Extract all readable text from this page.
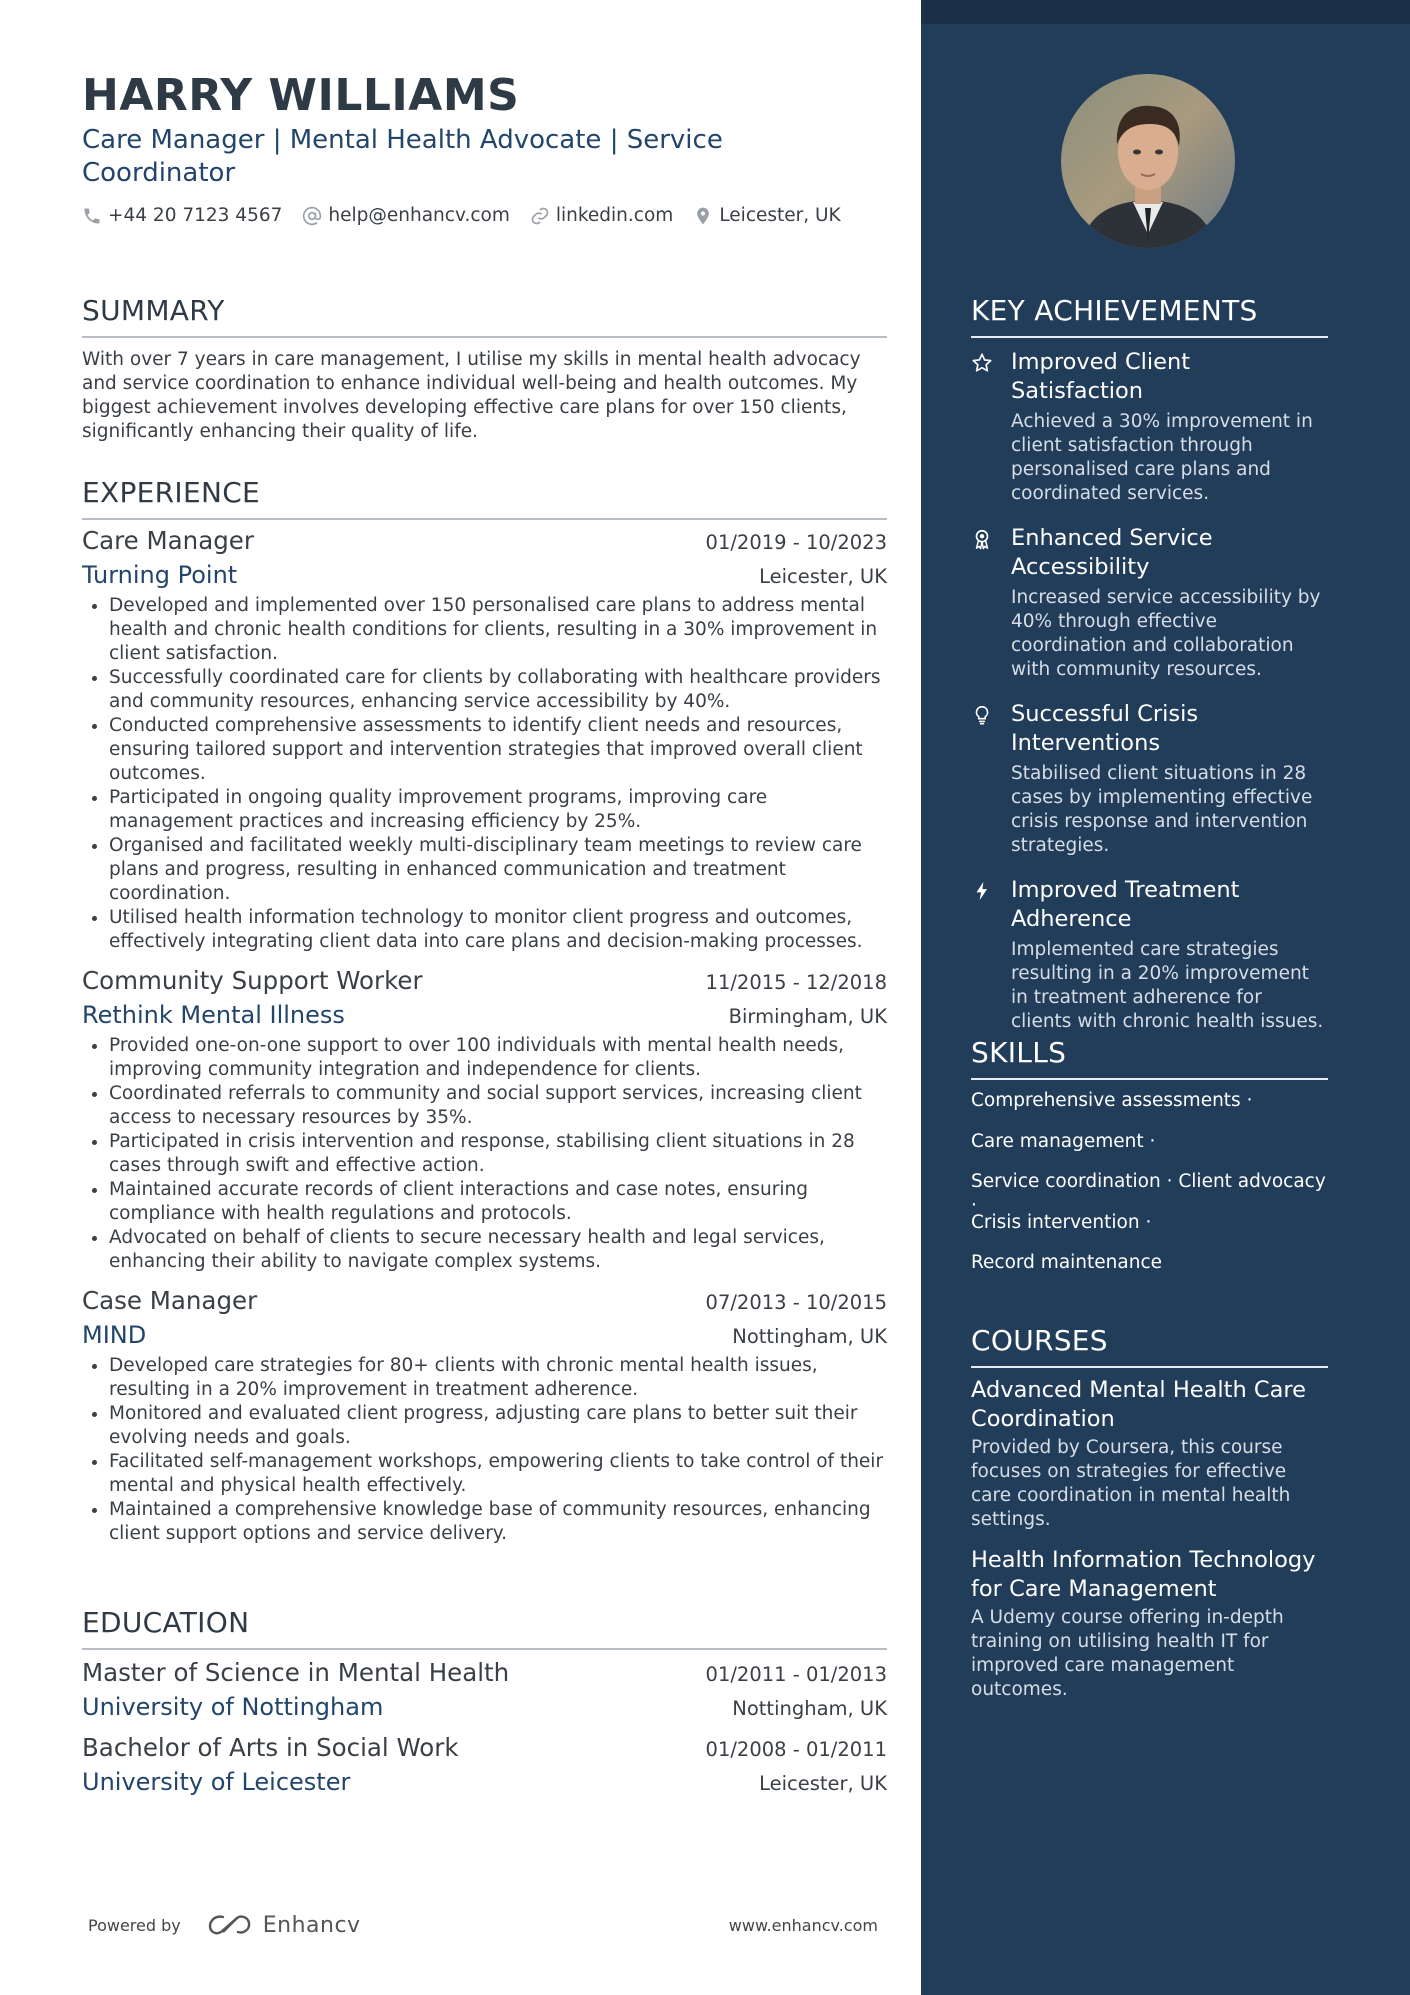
HARRY WILLIAMS
Care Manager | Mental Health Advocate | Service Coordinator
+44 20 7123 4567 help@enhancv.com linkedin.com Leicester, UK
SUMMARY
With over 7 years in care management, I utilise my skills in mental health advocacy and service coordination to enhance individual well-being and health outcomes. My biggest achievement involves developing effective care plans for over 150 clients, significantly enhancing their quality of life.
EXPERIENCE
Care Manager	01/2019 - 10/2023
Turning Point	Leicester, UK
• Developed and implemented over 150 personalised care plans to address mental health and chronic health conditions for clients, resulting in a 30% improvement in client satisfaction.
• Successfully coordinated care for clients by collaborating with healthcare providers and community resources, enhancing service accessibility by 40%.
• Conducted comprehensive assessments to identify client needs and resources, ensuring tailored support and intervention strategies that improved overall client outcomes.
• Participated in ongoing quality improvement programs, improving care management practices and increasing efficiency by 25%.
• Organised and facilitated weekly multi-disciplinary team meetings to review care plans and progress, resulting in enhanced communication and treatment coordination.
• Utilised health information technology to monitor client progress and outcomes, effectively integrating client data into care plans and decision-making processes.
Community Support Worker	11/2015 - 12/2018
Rethink Mental Illness	Birmingham, UK
• Provided one-on-one support to over 100 individuals with mental health needs, improving community integration and independence for clients.
• Coordinated referrals to community and social support services, increasing client access to necessary resources by 35%.
• Participated in crisis intervention and response, stabilising client situations in 28 cases through swift and effective action.
• Maintained accurate records of client interactions and case notes, ensuring compliance with health regulations and protocols.
• Advocated on behalf of clients to secure necessary health and legal services, enhancing their ability to navigate complex systems.
Case Manager	07/2013 - 10/2015
MIND	Nottingham, UK
• Developed care strategies for 80+ clients with chronic mental health issues, resulting in a 20% improvement in treatment adherence.
• Monitored and evaluated client progress, adjusting care plans to better suit their evolving needs and goals.
• Facilitated self-management workshops, empowering clients to take control of their mental and physical health effectively.
• Maintained a comprehensive knowledge base of community resources, enhancing client support options and service delivery.
EDUCATION
Master of Science in Mental Health	01/2011 - 01/2013
University of Nottingham	Nottingham, UK
Bachelor of Arts in Social Work	01/2008 - 01/2011
University of Leicester	Leicester, UK
Powered by	Enhancv	www.enhancv.com
KEY ACHIEVEMENTS
Improved Client Satisfaction
Achieved a 30% improvement in client satisfaction through personalised care plans and coordinated services.
Enhanced Service Accessibility
Increased service accessibility by 40% through effective coordination and collaboration with community resources.
Successful Crisis Interventions
Stabilised client situations in 28 cases by implementing effective crisis response and intervention strategies.
Improved Treatment Adherence
Implemented care strategies resulting in a 20% improvement in treatment adherence for clients with chronic health issues.
SKILLS
Comprehensive assessments ·
Care management ·
Service coordination · Client advocacy ·
Crisis intervention ·
Record maintenance
COURSES
Advanced Mental Health Care Coordination
Provided by Coursera, this course focuses on strategies for effective care coordination in mental health settings.
Health Information Technology for Care Management
A Udemy course offering in-depth training on utilising health IT for improved care management outcomes.
